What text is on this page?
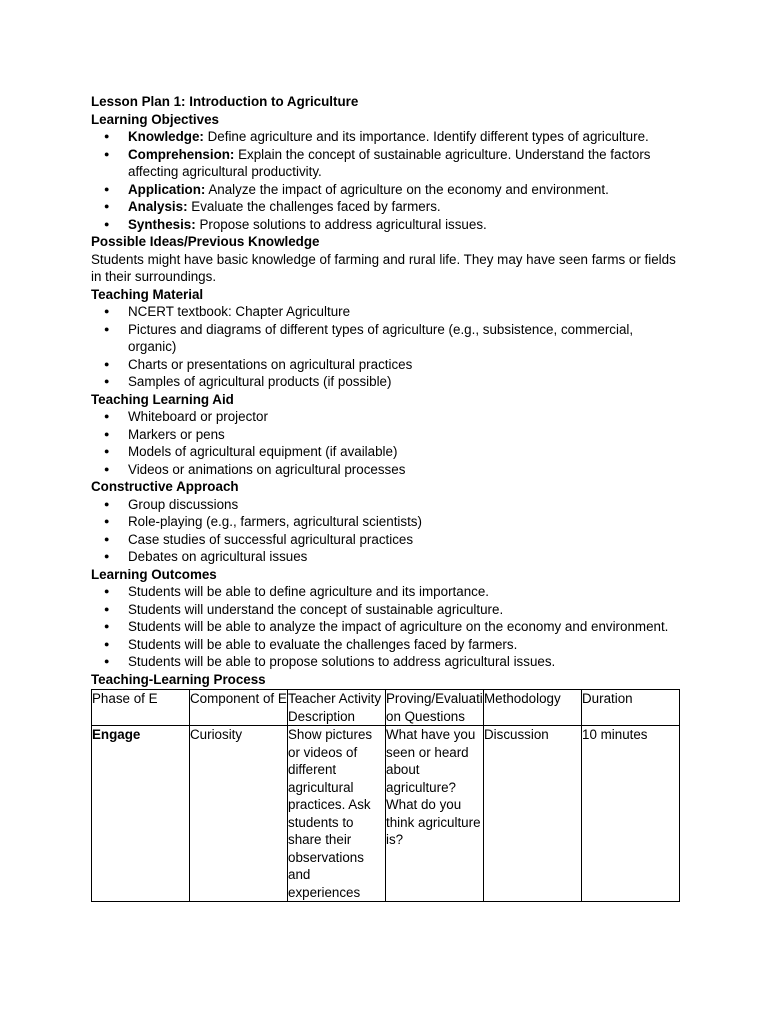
Lesson Plan 1: Introduction to Agriculture
Learning Objectives
● Knowledge: Define agriculture and its importance. Identify different types of agriculture.
● Comprehension: Explain the concept of sustainable agriculture. Understand the factors affecting agricultural productivity.
● Application: Analyze the impact of agriculture on the economy and environment.
● Analysis: Evaluate the challenges faced by farmers.
● Synthesis: Propose solutions to address agricultural issues.
Possible Ideas/Previous Knowledge

Students might have basic knowledge of farming and rural life. They may have seen farms or fields in their surroundings.

Teaching Material
● NCERT textbook: Chapter Agriculture
● Pictures and diagrams of different types of agriculture (e.g., subsistence, commercial, organic)
● Charts or presentations on agricultural practices
● Samples of agricultural products (if possible)
Teaching Learning Aid
● Whiteboard or projector
● Markers or pens
● Models of agricultural equipment (if available)
● Videos or animations on agricultural processes
Constructive Approach
● Group discussions
● Role-playing (e.g., farmers, agricultural scientists)
● Case studies of successful agricultural practices
● Debates on agricultural issues
Learning Outcomes
● Students will be able to define agriculture and its importance.
● Students will understand the concept of sustainable agriculture.
● Students will be able to analyze the impact of agriculture on the economy and environment.
● Students will be able to evaluate the challenges faced by farmers.
● Students will be able to propose solutions to address agricultural issues.
Teaching-Learning Process
Phase of E	Component of E	Teacher Activity Description	Proving/Evaluation Questions	Methodology	Duration
Engage	Curiosity	Show pictures or videos of different agricultural practices. Ask students to share their observations and experiences	What have you seen or heard about agriculture? What do you think agriculture is?	Discussion	10 minutes
